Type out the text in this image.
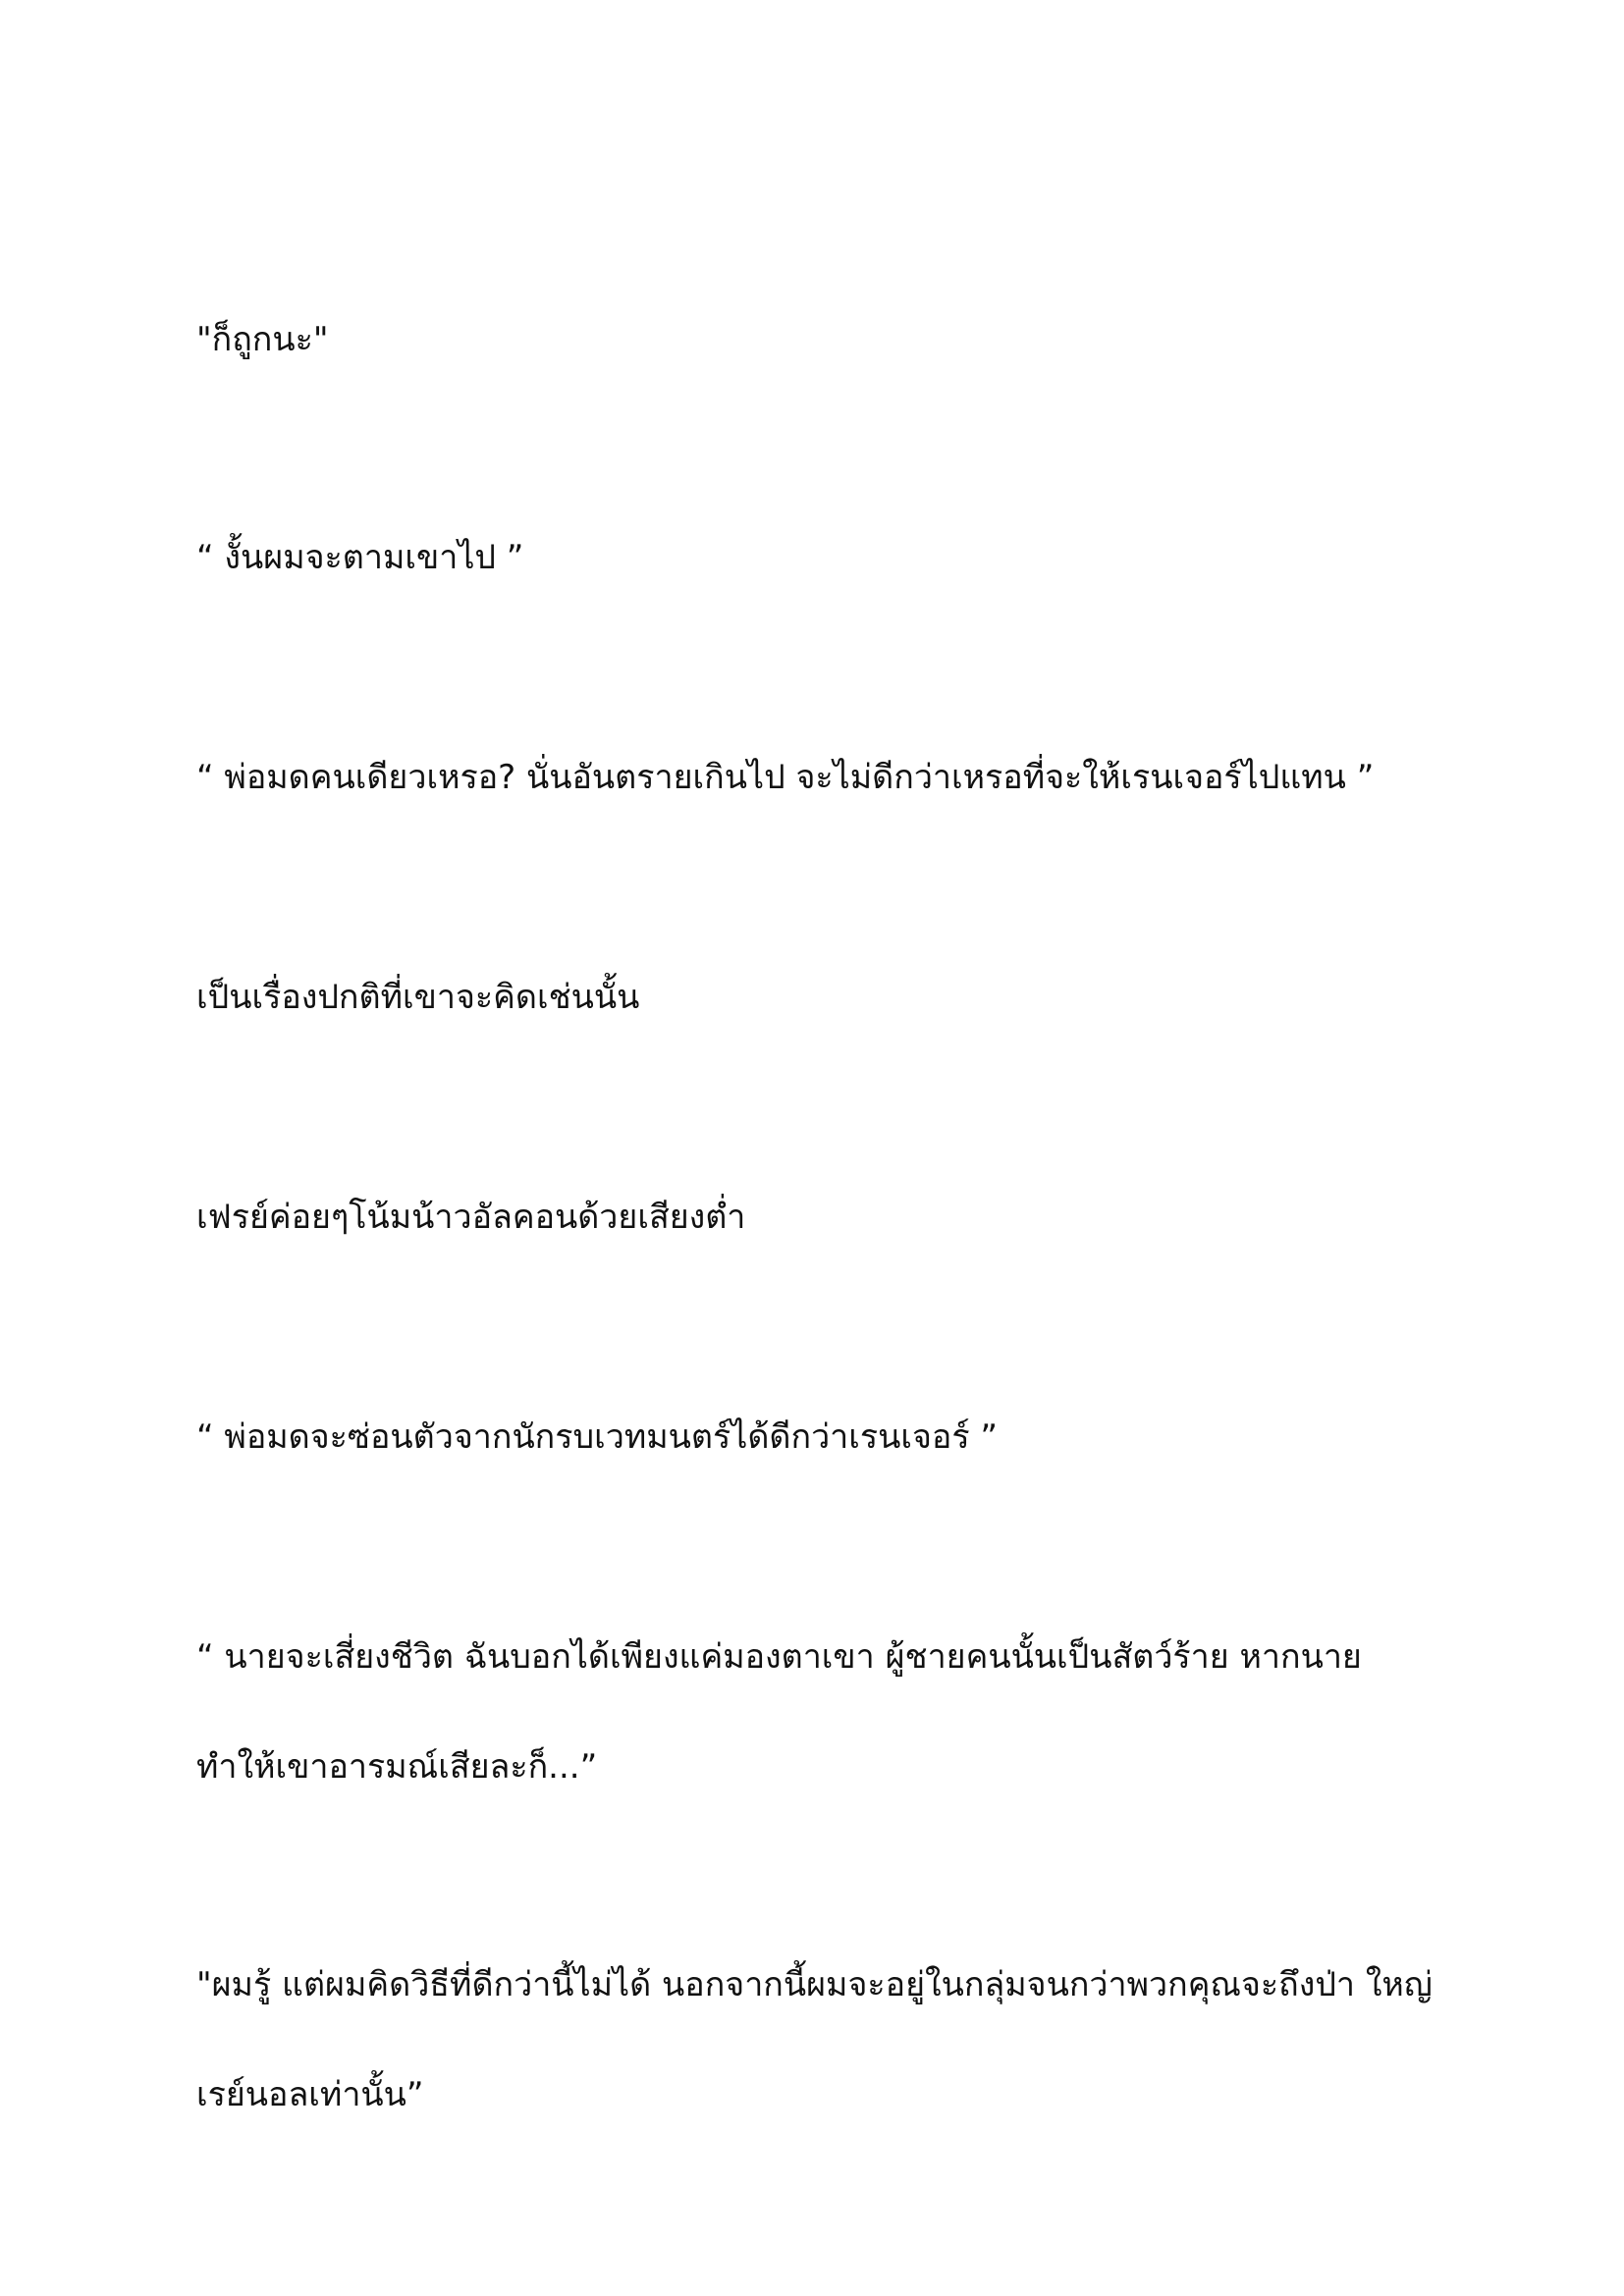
"ก็ถูกนะ"

“ งั้นผมจะตามเขาไป ”

“ พ่อมดคนเดียวเหรอ? นั่นอันตรายเกินไป จะไม่ดีกว่าเหรอที่จะให้เรนเจอร์ไปแทน ”

เป็นเรื่องปกติที่เขาจะคิดเช่นนั้น

เฟรย์ค่อยๆโน้มน้าวอัลคอนด้วยเสียงต่ำ

“ พ่อมดจะซ่อนตัวจากนักรบเวทมนตร์ได้ดีกว่าเรนเจอร์ ”

“ นายจะเสี่ยงชีวิต ฉันบอกได้เพียงแค่มองตาเขา ผู้ชายคนนั้นเป็นสัตว์ร้าย หากนาย ทำให้เขาอารมณ์เสียละก็...”

"ผมรู้ แต่ผมคิดวิธีที่ดีกว่านี้ไม่ได้ นอกจากนี้ผมจะอยู่ในกลุ่มจนกว่าพวกคุณจะถึงป่า ใหญ่เรย์นอลเท่านั้น”
